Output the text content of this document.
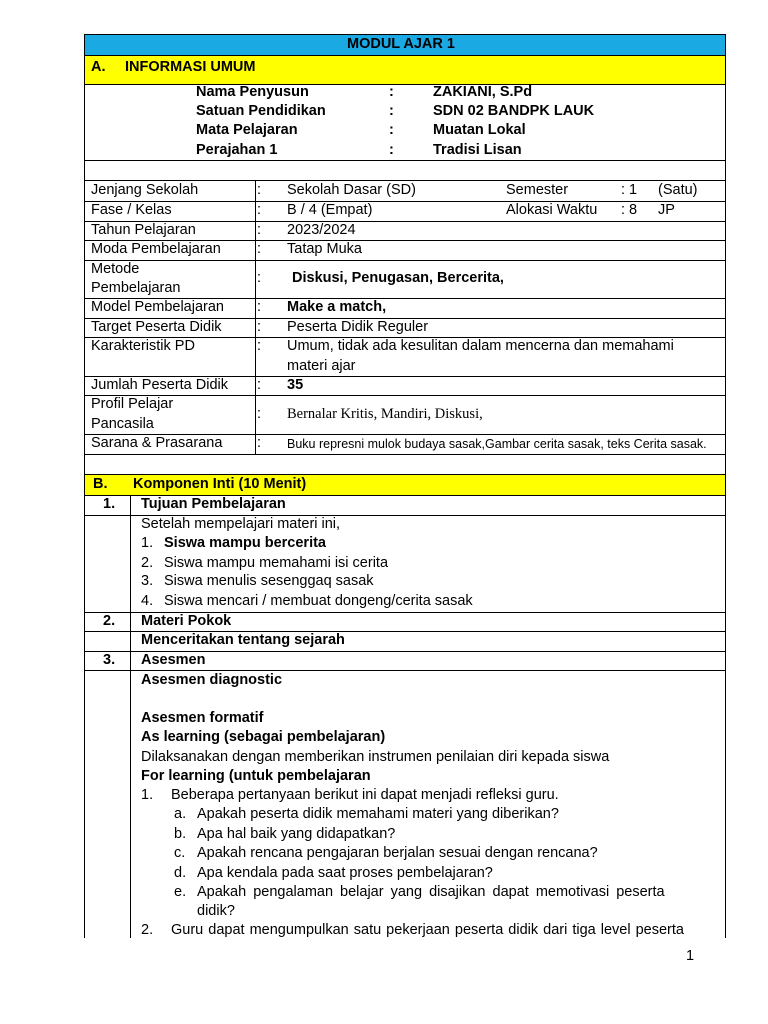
MODUL AJAR 1
A. INFORMASI UMUM
Nama Penyusun	:	ZAKIANI, S.Pd
Satuan Pendidikan	:	SDN 02 BANDPK LAUK
Mata Pelajaran	:	Muatan Lokal
Perajahan 1	:	Tradisi Lisan
Jenjang Sekolah	: Sekolah Dasar (SD)	Semester	: 1 (Satu)
Fase / Kelas	: B / 4 (Empat)	Alokasi Waktu : 8 JP
Tahun Pelajaran	: 2023/2024
Moda Pembelajaran : Tatap Muka
Metode
Pembelajaran
: Diskusi, Penugasan, Bercerita,
Model Pembelajaran : Make a match,
Target Peserta Didik : Peserta Didik Reguler
Karakteristik PD	: Umum, tidak ada kesulitan dalam mencerna dan memahami
materi ajar
Jumlah Peserta Didik : 35
Profil Pelajar
Pancasila
: Bernalar Kritis, Mandiri, Diskusi,
Sarana & Prasarana : Buku represni mulok budaya sasak,Gambar cerita sasak, teks Cerita sasak.
B. Komponen Inti (10 Menit)
1. Tujuan Pembelajaran
Setelah mempelajari materi ini,
1. Siswa mampu bercerita
2. Siswa mampu memahami isi cerita
3. Siswa menulis sesenggaq sasak
4. Siswa mencari / membuat dongeng/cerita sasak
2. Materi Pokok
Menceritakan tentang sejarah
3. Asesmen
Asesmen diagnostic
Asesmen formatif
As learning (sebagai pembelajaran)
Dilaksanakan dengan memberikan instrumen penilaian diri kepada siswa
For learning (untuk pembelajaran
1. Beberapa pertanyaan berikut ini dapat menjadi refleksi guru.
a. Apakah peserta didik memahami materi yang diberikan?
b. Apa hal baik yang didapatkan?
c. Apakah rencana pengajaran berjalan sesuai dengan rencana?
d. Apa kendala pada saat proses pembelajaran?
e. Apakah pengalaman belajar yang disajikan dapat memotivasi peserta
didik?
2. Guru dapat mengumpulkan satu pekerjaan peserta didik dari tiga level peserta
1
